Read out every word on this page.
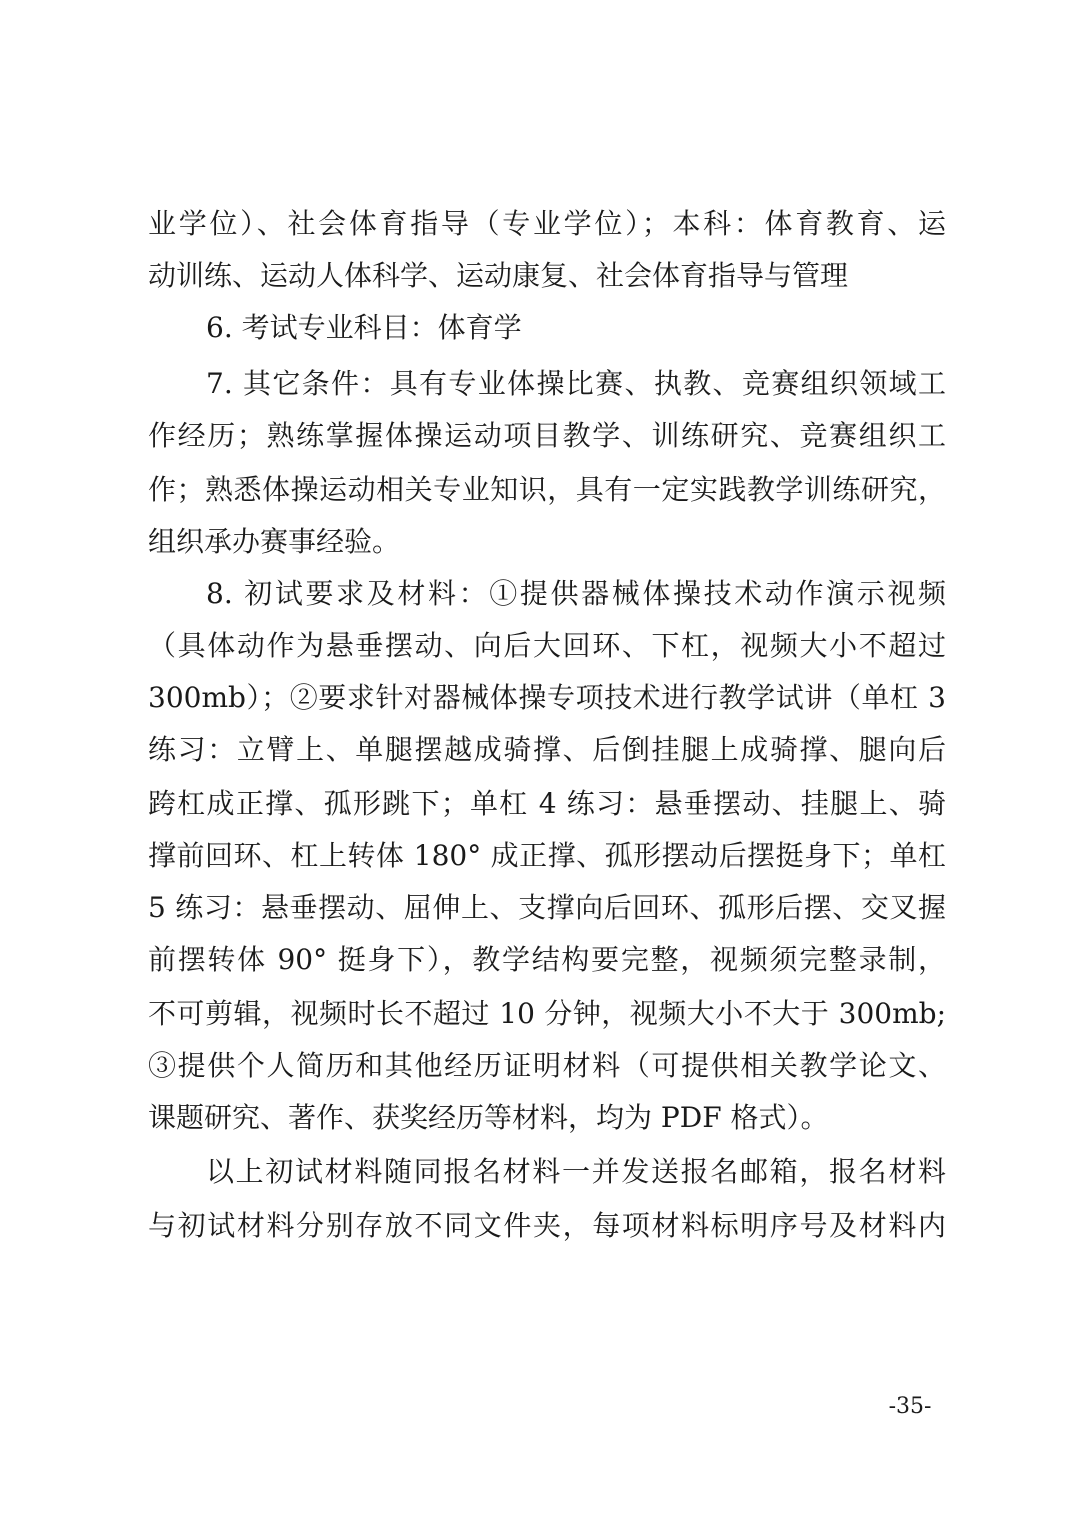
业学位）、社会体育指导（专业学位）；本科：体育教育、运
动训练、运动人体科学、运动康复、社会体育指导与管理
6. 考试专业科目：体育学
7. 其它条件：具有专业体操比赛、执教、竞赛组织领域工
作经历；熟练掌握体操运动项目教学、训练研究、竞赛组织工
作；熟悉体操运动相关专业知识，具有一定实践教学训练研究，
组织承办赛事经验。
8. 初试要求及材料：①提供器械体操技术动作演示视频
（具体动作为悬垂摆动、向后大回环、下杠，视频大小不超过
300mb）；②要求针对器械体操专项技术进行教学试讲（单杠 3
练习：立臂上、单腿摆越成骑撑、后倒挂腿上成骑撑、腿向后
跨杠成正撑、孤形跳下；单杠 4 练习：悬垂摆动、挂腿上、骑
撑前回环、杠上转体 180° 成正撑、孤形摆动后摆挺身下；单杠
5 练习：悬垂摆动、屈伸上、支撑向后回环、孤形后摆、交叉握
前摆转体 90° 挺身下），教学结构要完整，视频须完整录制，
不可剪辑，视频时长不超过 10 分钟，视频大小不大于 300mb;
③提供个人简历和其他经历证明材料（可提供相关教学论文、
课题研究、著作、获奖经历等材料，均为 PDF 格式）。
以上初试材料随同报名材料一并发送报名邮箱，报名材料
与初试材料分别存放不同文件夹，每项材料标明序号及材料内
-35-
